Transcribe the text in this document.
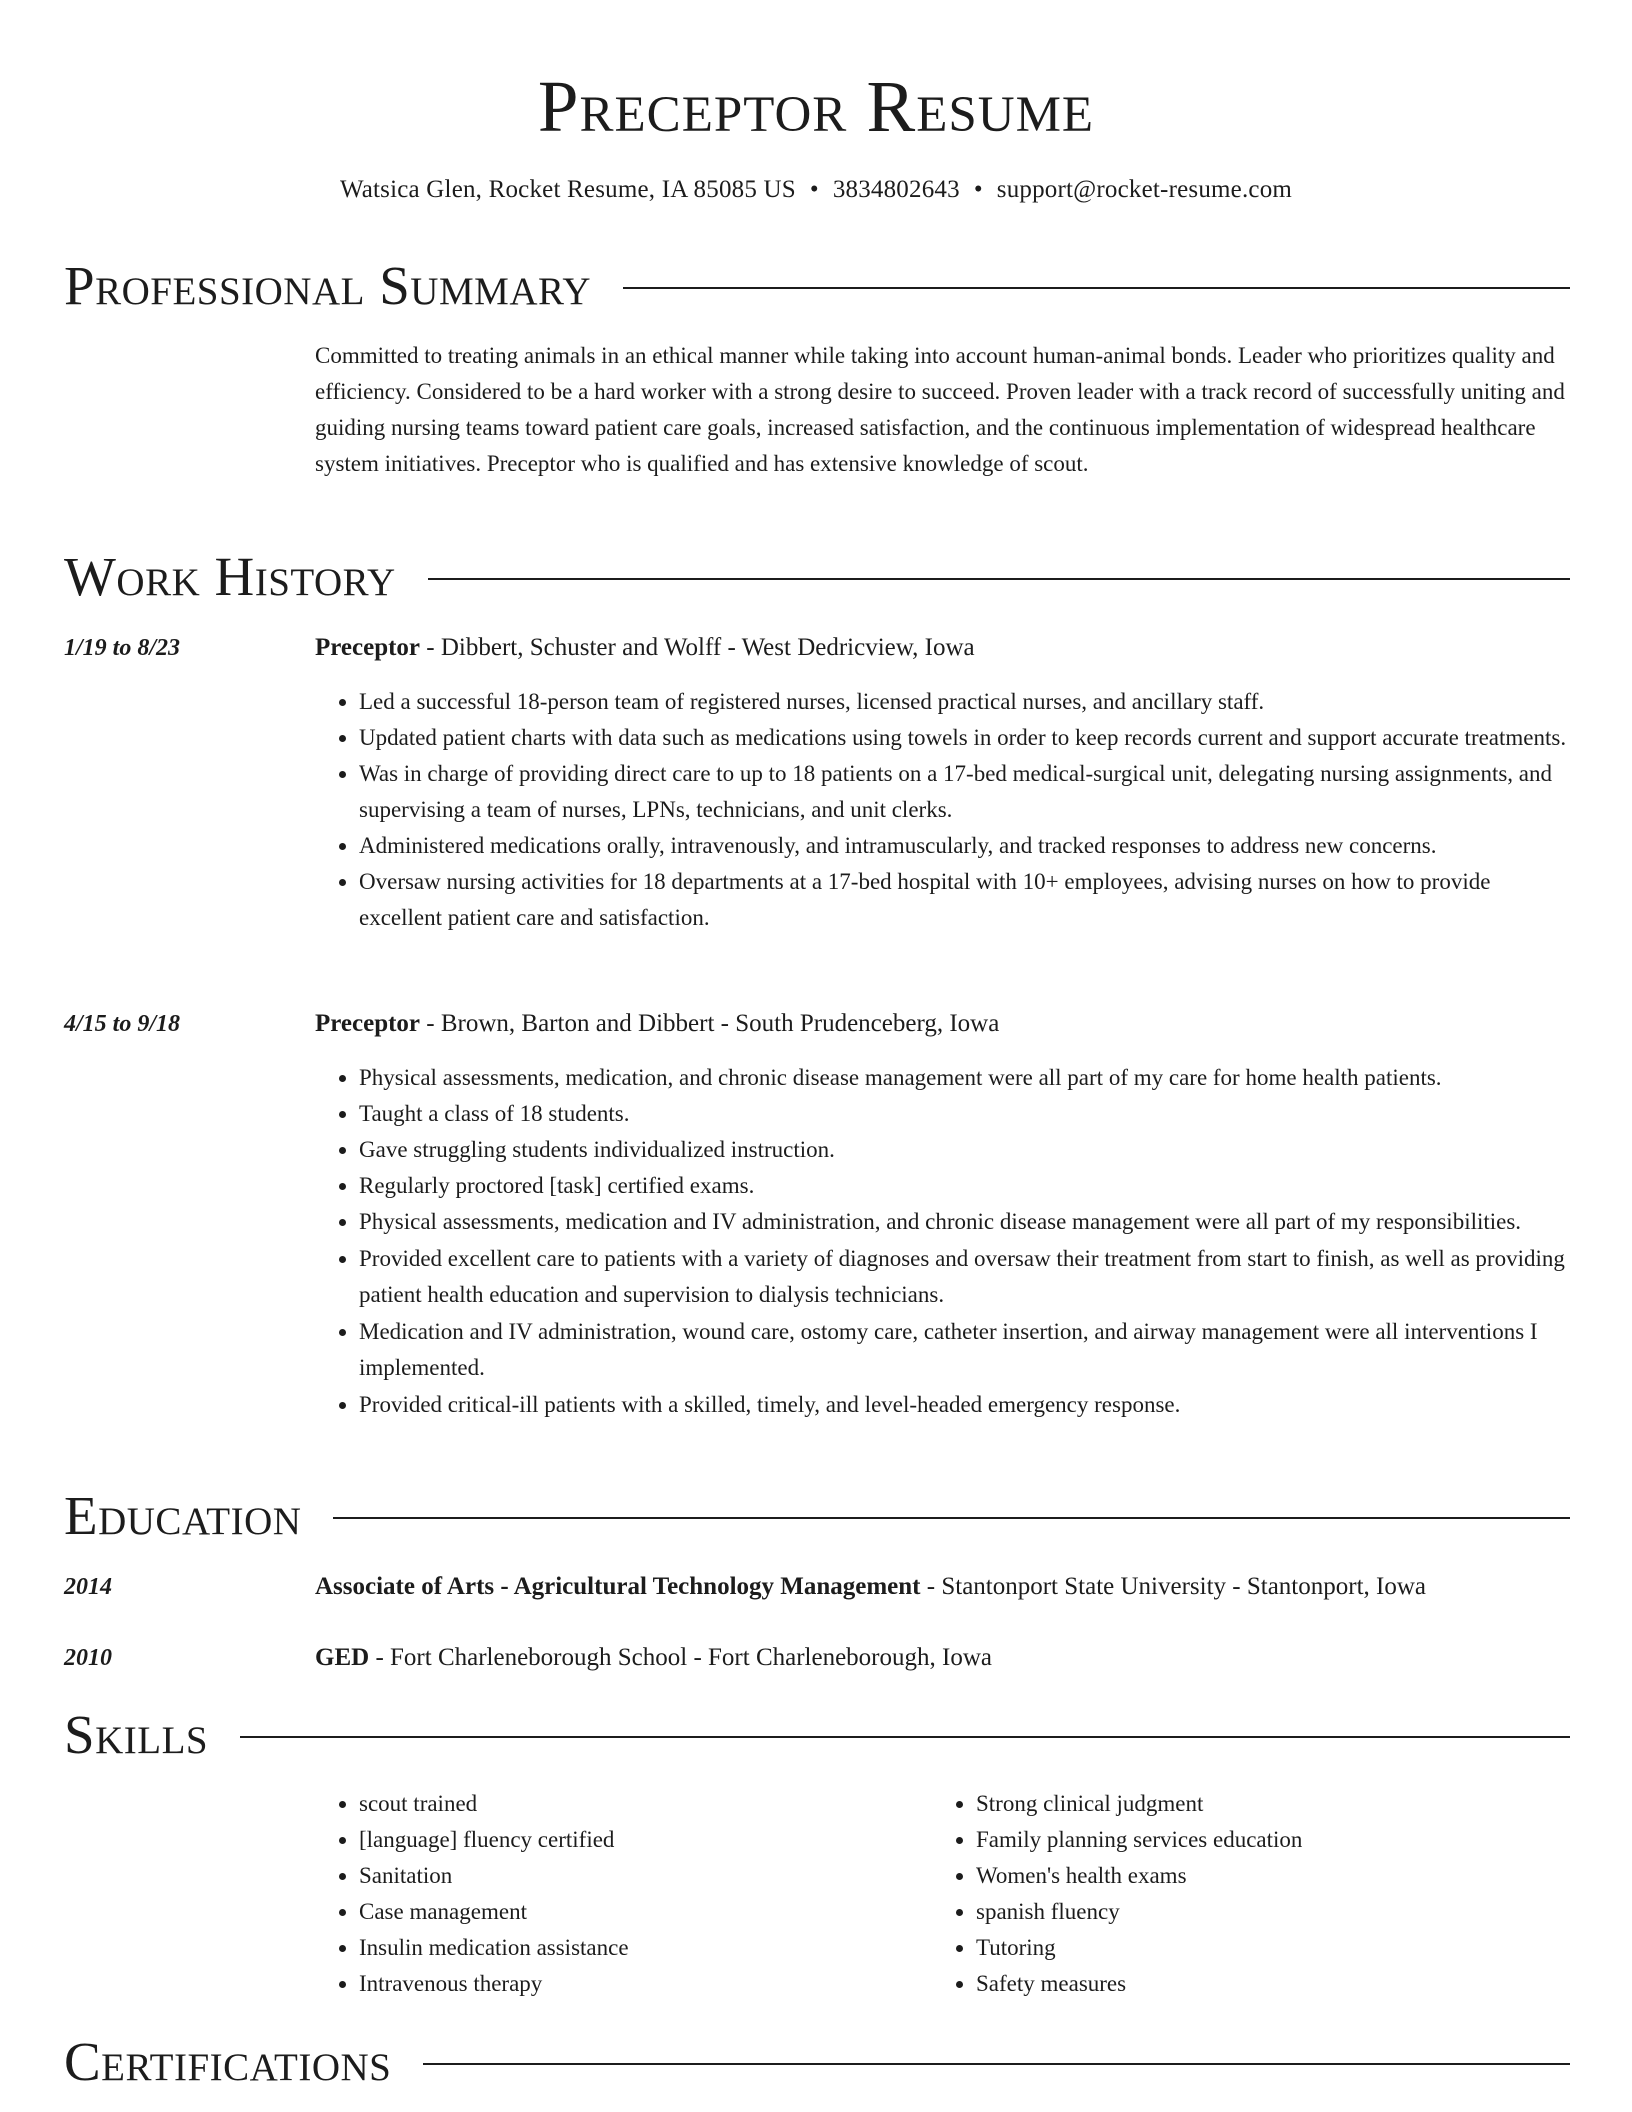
Preceptor Resume
Watsica Glen, Rocket Resume, IA 85085 US • 3834802643 • support@rocket-resume.com
Professional Summary

Committed to treating animals in an ethical manner while taking into account human-animal bonds. Leader who prioritizes quality and efficiency. Considered to be a hard worker with a strong desire to succeed. Proven leader with a track record of successfully uniting and guiding nursing teams toward patient care goals, increased satisfaction, and the continuous implementation of widespread healthcare system initiatives. Preceptor who is qualified and has extensive knowledge of scout.

Work History
1/19 to 8/23	Preceptor - Dibbert, Schuster and Wolff - West Dedricview, Iowa
• Led a successful 18-person team of registered nurses, licensed practical nurses, and ancillary staff.
• Updated patient charts with data such as medications using towels in order to keep records current and support accurate treatments.
• Was in charge of providing direct care to up to 18 patients on a 17-bed medical-surgical unit, delegating nursing assignments, and supervising a team of nurses, LPNs, technicians, and unit clerks.
• Administered medications orally, intravenously, and intramuscularly, and tracked responses to address new concerns.
• Oversaw nursing activities for 18 departments at a 17-bed hospital with 10+ employees, advising nurses on how to provide excellent patient care and satisfaction.
4/15 to 9/18	Preceptor - Brown, Barton and Dibbert - South Prudenceberg, Iowa
• Physical assessments, medication, and chronic disease management were all part of my care for home health patients.
• Taught a class of 18 students.
• Gave struggling students individualized instruction.
• Regularly proctored [task] certified exams.
• Physical assessments, medication and IV administration, and chronic disease management were all part of my responsibilities.
• Provided excellent care to patients with a variety of diagnoses and oversaw their treatment from start to finish, as well as providing patient health education and supervision to dialysis technicians.
• Medication and IV administration, wound care, ostomy care, catheter insertion, and airway management were all interventions I implemented.
• Provided critical-ill patients with a skilled, timely, and level-headed emergency response.
Education
2014	Associate of Arts - Agricultural Technology Management - Stantonport State University - Stantonport, Iowa
2010	GED - Fort Charleneborough School - Fort Charleneborough, Iowa
Skills
• scout trained
• [language] fluency certified
• Sanitation
• Case management
• Insulin medication assistance
• Intravenous therapy
• Strong clinical judgment
• Family planning services education
• Women's health exams
• spanish fluency
• Tutoring
• Safety measures
Certifications
